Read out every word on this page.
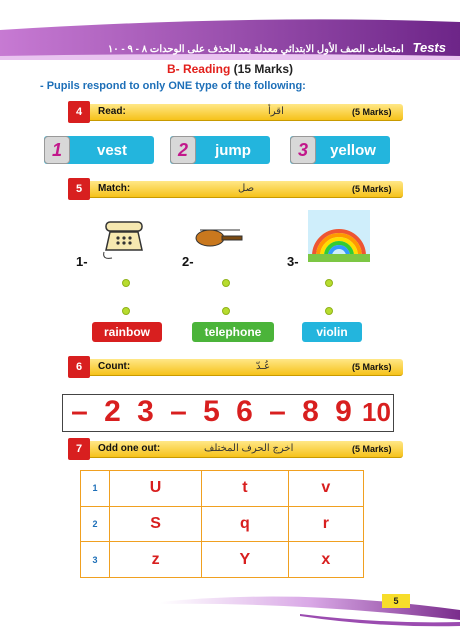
امتحانات الصف الأول الابتدائي معدلة بعد الحذف على الوحدات ٨ - ٩ - ١٠ Tests
B- Reading (15 Marks)
- Pupils respond to only ONE type of the following:
4	Read:	اقرأ	(5 Marks)
1	vest	2	jump	3	yellow
5	Match:	صل	(5 Marks)
1-	2-	3-
rainbow	telephone	violin
6	Count:	عُـدّ	(5 Marks)
– 2 3 – 5 6 – 8 9 10
7	Odd one out:	اخرج الحرف المختلف	(5 Marks)
1	U	t	v
2	S	q	r
3	z	Y	x
5
